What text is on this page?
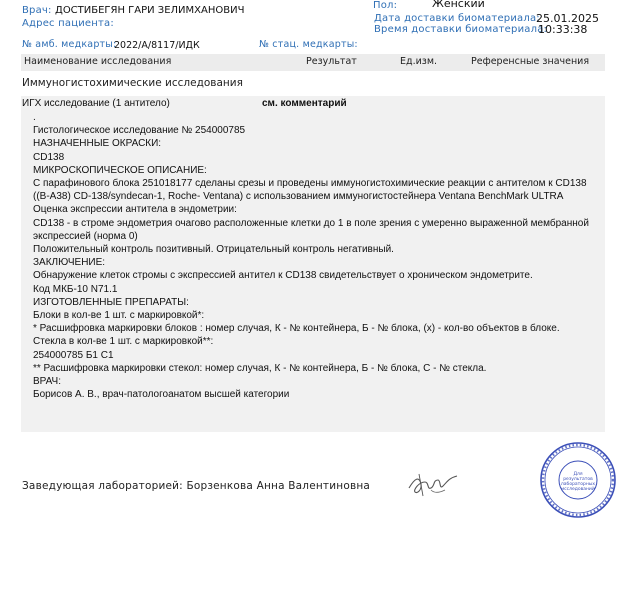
Врач: ДОСТИБЕГЯН ГАРИ ЗЕЛИМХАНОВИЧ
Адрес пациента:
Пол:	Женский
Дата доставки биоматериала:
25.01.2025
Время доставки биоматериала:
10:33:38
№ амб. медкарты:
2022/А/8117/ИДК	№ стац. медкарты:
Наименование исследования	Результат	Ед.изм.	Референсные значения
Иммуногистохимические исследования
ИГХ исследование (1 антитело)	см. комментарий
.
Гистологическое исследование № 254000785
НАЗНАЧЕННЫЕ ОКРАСКИ:
CD138
МИКРОСКОПИЧЕСКОЕ ОПИСАНИЕ:
С парафинового блока 251018177 сделаны срезы и проведены иммуногистохимические реакции с антителом к CD138 ((B-A38) CD-138/syndecan-1, Roche- Ventana) с использованием иммуногистостейнера Ventana BenchMark ULTRA
Оценка экспрессии антитела в эндометрии:
CD138 - в строме эндометрия очагово расположенные клетки до 1 в поле зрения с умеренно выраженной мембранной экспрессией (норма 0)
Положительный контроль позитивный. Отрицательный контроль негативный.
ЗАКЛЮЧЕНИЕ:
Обнаружение клеток стромы с экспрессией антител к CD138 свидетельствует о хроническом эндометрите.
Код МКБ-10 N71.1
ИЗГОТОВЛЕННЫЕ ПРЕПАРАТЫ:
Блоки в кол-ве 1 шт. с маркировкой*:
* Расшифровка маркировки блоков : номер случая, К - № контейнера, Б - № блока, (х) - кол-во объектов в блоке.
Стекла в кол-ве 1 шт. с маркировкой**:
254000785 Б1 С1
** Расшифровка маркировки стекол: номер случая, К - № контейнера, Б - № блока, С - № стекла.
ВРАЧ:
Борисов А. В., врач-патологоанатом высшей категории
Заведующая лабораторией: Борзенкова Анна Валентиновна
Для
результатов
лабораторных
исследований
